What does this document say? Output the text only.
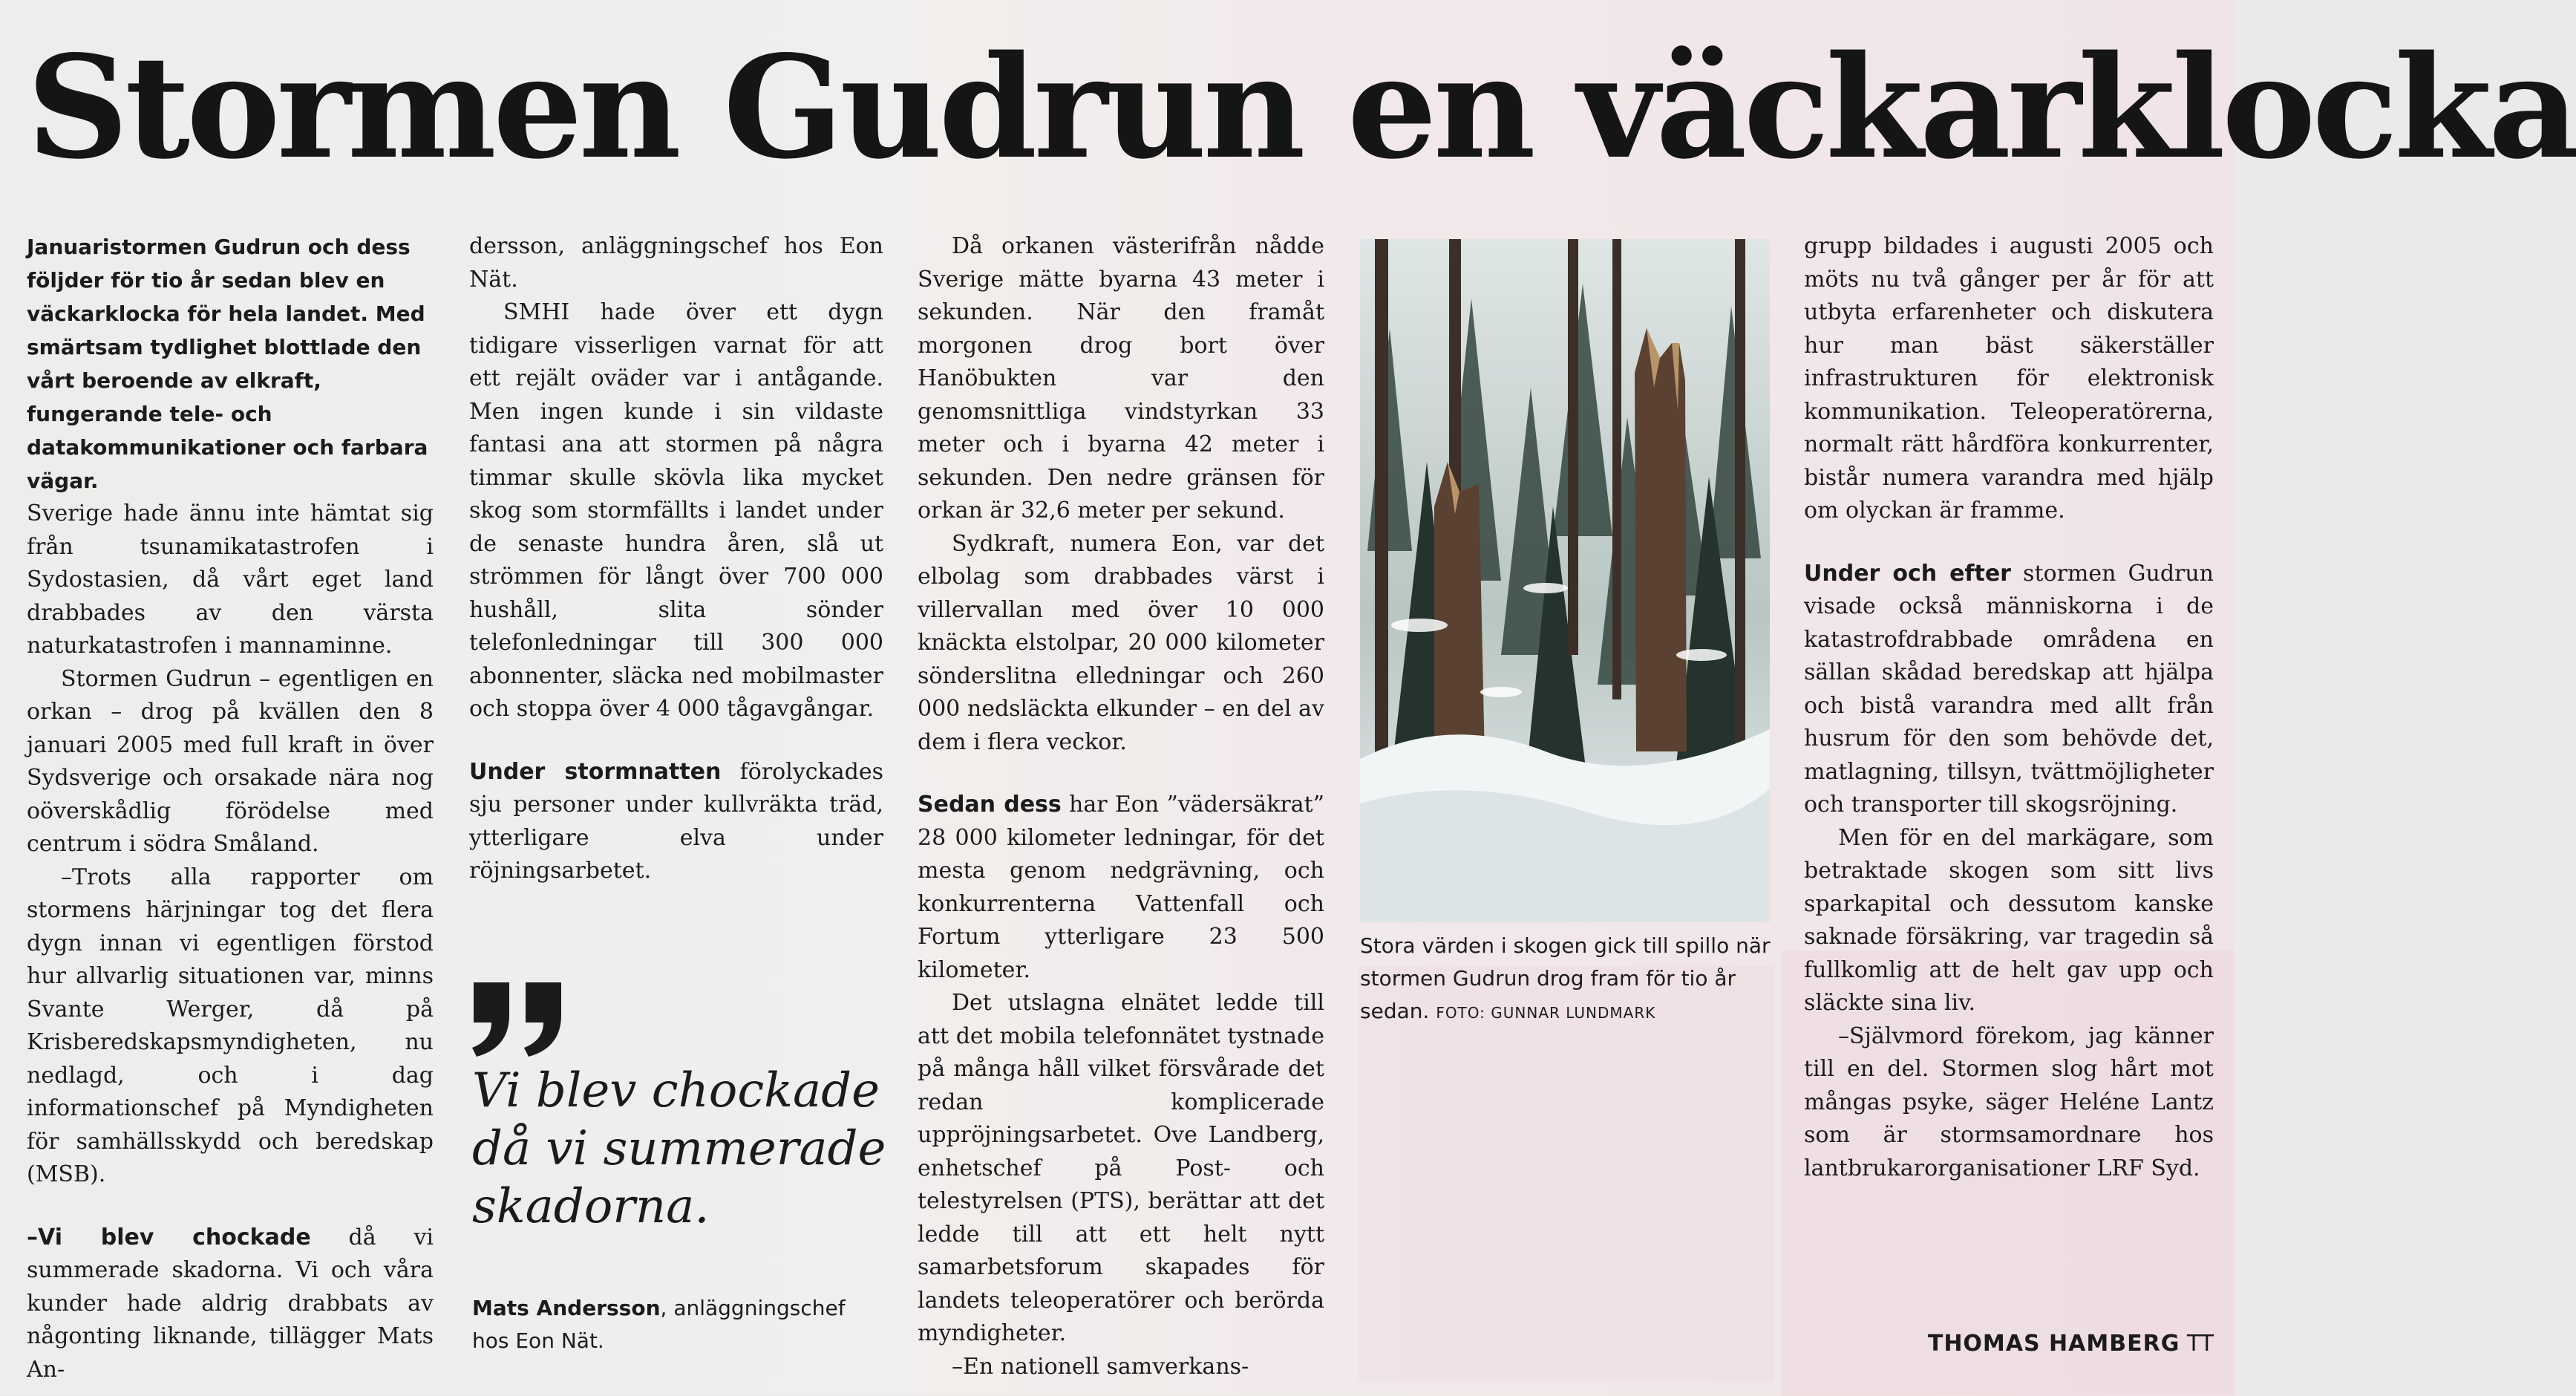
Stormen Gudrun en väckarklocka

Januaristormen Gudrun och dess följder för tio år sedan blev en väckarklocka för hela landet. Med smärtsam tydlighet blottlade den vårt beroende av elkraft, fungerande tele- och datakommunikationer och farbara vägar.

Sverige hade ännu inte hämtat sig från tsunamikatastrofen i Sydostasien, då vårt eget land drabbades av den värsta naturkatastrofen i mannaminne.

Stormen Gudrun – egentligen en orkan – drog på kvällen den 8 januari 2005 med full kraft in över Sydsverige och orsakade nära nog oöverskådlig förödelse med centrum i södra Småland.

–Trots alla rapporter om stormens härjningar tog det flera dygn innan vi egentligen förstod hur allvarlig situationen var, minns Svante Werger, då på Krisberedskapsmyndigheten, nu nedlagd, och i dag informationschef på Myndigheten för samhällsskydd och beredskap (MSB).

–Vi blev chockade då vi summerade skadorna. Vi och våra kunder hade aldrig drabbats av någonting liknande, tillägger Mats An-

dersson, anläggningschef hos Eon Nät.

SMHI hade över ett dygn tidigare visserligen varnat för att ett rejält oväder var i antågande. Men ingen kunde i sin vildaste fantasi ana att stormen på några timmar skulle skövla lika mycket skog som stormfällts i landet under de senaste hundra åren, slå ut strömmen för långt över 700 000 hushåll, slita sönder telefonledningar till 300 000 abonnenter, släcka ned mobilmaster och stoppa över 4 000 tågavgångar.

Under stormnatten förolyckades sju personer under kullvräkta träd, ytterligare elva under röjningsarbetet.

Vi blev chockade då vi summerade skadorna.
Mats Andersson, anläggningschef hos Eon Nät.

Då orkanen västerifrån nådde Sverige mätte byarna 43 meter i sekunden. När den framåt morgonen drog bort över Hanöbukten var den genomsnittliga vindstyrkan 33 meter och i byarna 42 meter i sekunden. Den nedre gränsen för orkan är 32,6 meter per sekund.

Sydkraft, numera Eon, var det elbolag som drabbades värst i villervallan med över 10 000 knäckta elstolpar, 20 000 kilometer sönderslitna elledningar och 260 000 nedsläckta elkunder – en del av dem i flera veckor.

Sedan dess har Eon ”vädersäkrat” 28 000 kilometer ledningar, för det mesta genom nedgrävning, och konkurrenterna Vattenfall och Fortum ytterligare 23 500 kilometer.

Det utslagna elnätet ledde till att det mobila telefonnätet tystnade på många håll vilket försvårade det redan komplicerade uppröjningsarbetet. Ove Landberg, enhetschef på Post- och telestyrelsen (PTS), berättar att det ledde till att ett helt nytt samarbetsforum skapades för landets teleoperatörer och berörda myndigheter.

–En nationell samverkans-

Stora värden i skogen gick till spillo när stormen Gudrun drog fram för tio år sedan. FOTO: GUNNAR LUNDMARK

grupp bildades i augusti 2005 och möts nu två gånger per år för att utbyta erfarenheter och diskutera hur man bäst säkerställer infrastrukturen för elektronisk kommunikation. Teleoperatörerna, normalt rätt hårdföra konkurrenter, bistår numera varandra med hjälp om olyckan är framme.

Under och efter stormen Gudrun visade också människorna i de katastrofdrabbade områdena en sällan skådad beredskap att hjälpa och bistå varandra med allt från husrum för den som behövde det, matlagning, tillsyn, tvättmöjligheter och transporter till skogsröjning.

Men för en del markägare, som betraktade skogen som sitt livs sparkapital och dessutom kanske saknade försäkring, var tragedin så fullkomlig att de helt gav upp och släckte sina liv.

–Självmord förekom, jag känner till en del. Stormen slog hårt mot mångas psyke, säger Heléne Lantz som är stormsamordnare hos lantbrukarorganisationer LRF Syd.

THOMAS HAMBERG TT
